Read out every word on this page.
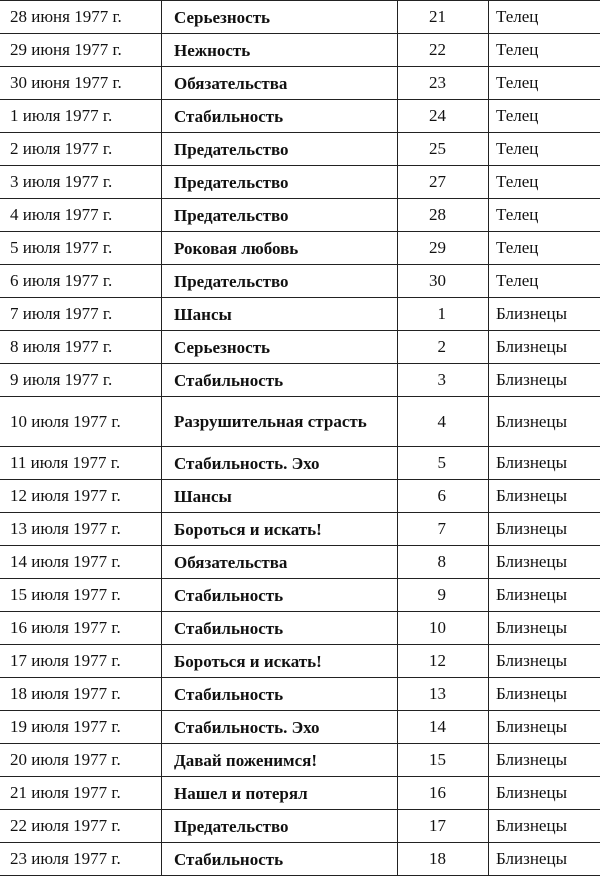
28 июня 1977 г.	Серьезность	21	Телец
29 июня 1977 г.	Нежность	22	Телец
30 июня 1977 г.	Обязательства	23	Телец
1 июля 1977 г.	Стабильность	24	Телец
2 июля 1977 г.	Предательство	25	Телец
3 июля 1977 г.	Предательство	27	Телец
4 июля 1977 г.	Предательство	28	Телец
5 июля 1977 г.	Роковая любовь	29	Телец
6 июля 1977 г.	Предательство	30	Телец
7 июля 1977 г.	Шансы	1	Близнецы
8 июля 1977 г.	Серьезность	2	Близнецы
9 июля 1977 г.	Стабильность	3	Близнецы
10 июля 1977 г.	Разрушительная страсть	4	Близнецы
11 июля 1977 г.	Стабильность. Эхо	5	Близнецы
12 июля 1977 г.	Шансы	6	Близнецы
13 июля 1977 г.	Бороться и искать!	7	Близнецы
14 июля 1977 г.	Обязательства	8	Близнецы
15 июля 1977 г.	Стабильность	9	Близнецы
16 июля 1977 г.	Стабильность	10	Близнецы
17 июля 1977 г.	Бороться и искать!	12	Близнецы
18 июля 1977 г.	Стабильность	13	Близнецы
19 июля 1977 г.	Стабильность. Эхо	14	Близнецы
20 июля 1977 г.	Давай поженимся!	15	Близнецы
21 июля 1977 г.	Нашел и потерял	16	Близнецы
22 июля 1977 г.	Предательство	17	Близнецы
23 июля 1977 г.	Стабильность	18	Близнецы
